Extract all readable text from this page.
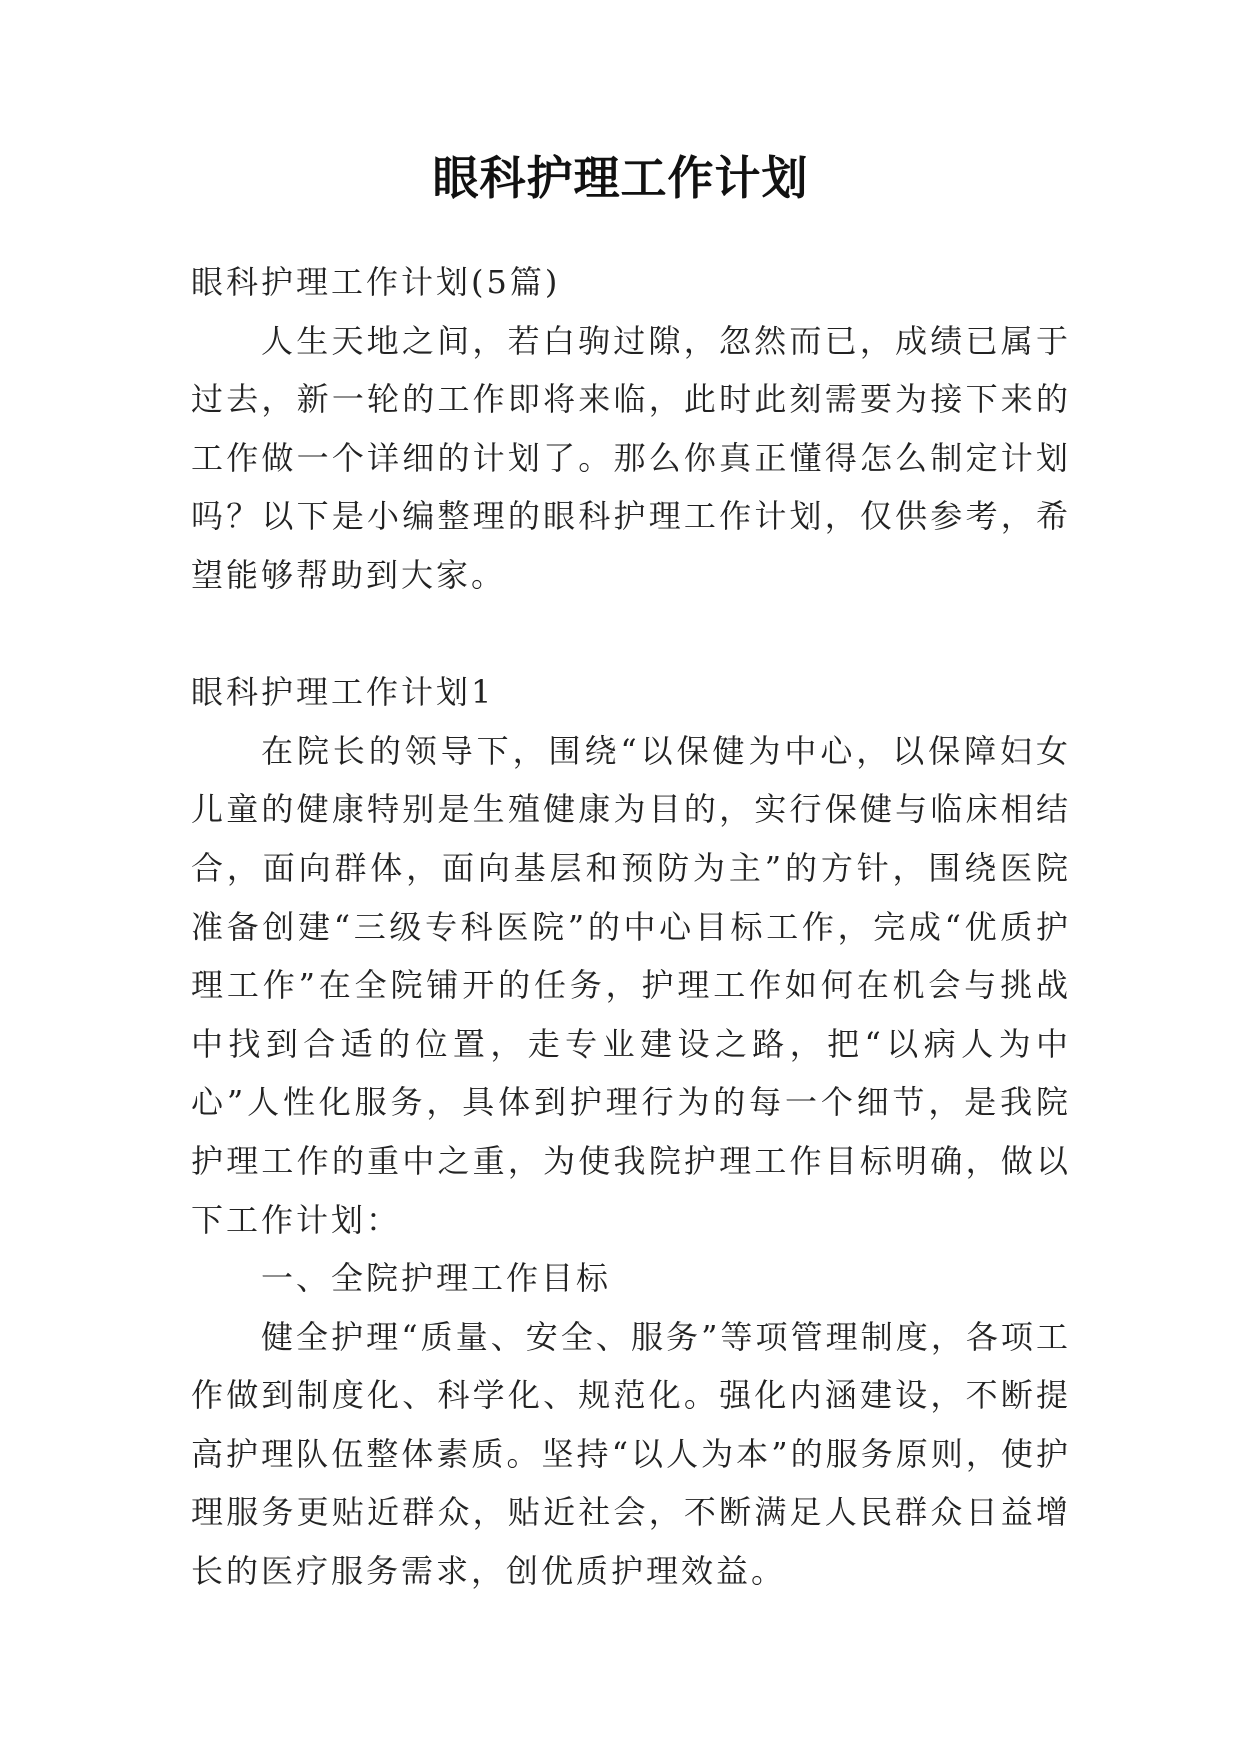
眼科护理工作计划

眼科护理工作计划(5篇)

人生天地之间，若白驹过隙，忽然而已，成绩已属于过去，新一轮的工作即将来临，此时此刻需要为接下来的工作做一个详细的计划了。那么你真正懂得怎么制定计划吗？以下是小编整理的眼科护理工作计划，仅供参考，希望能够帮助到大家。

眼科护理工作计划1

在院长的领导下，围绕“以保健为中心，以保障妇女儿童的健康特别是生殖健康为目的，实行保健与临床相结合，面向群体，面向基层和预防为主”的方针，围绕医院准备创建“三级专科医院”的中心目标工作，完成“优质护理工作”在全院铺开的任务，护理工作如何在机会与挑战中找到合适的位置，走专业建设之路，把“以病人为中心”人性化服务，具体到护理行为的每一个细节，是我院护理工作的重中之重，为使我院护理工作目标明确，做以下工作计划：

一、全院护理工作目标

健全护理“质量、安全、服务”等项管理制度，各项工作做到制度化、科学化、规范化。强化内涵建设，不断提高护理队伍整体素质。坚持“以人为本”的服务原则，使护理服务更贴近群众，贴近社会，不断满足人民群众日益增长的医疗服务需求，创优质护理效益。
